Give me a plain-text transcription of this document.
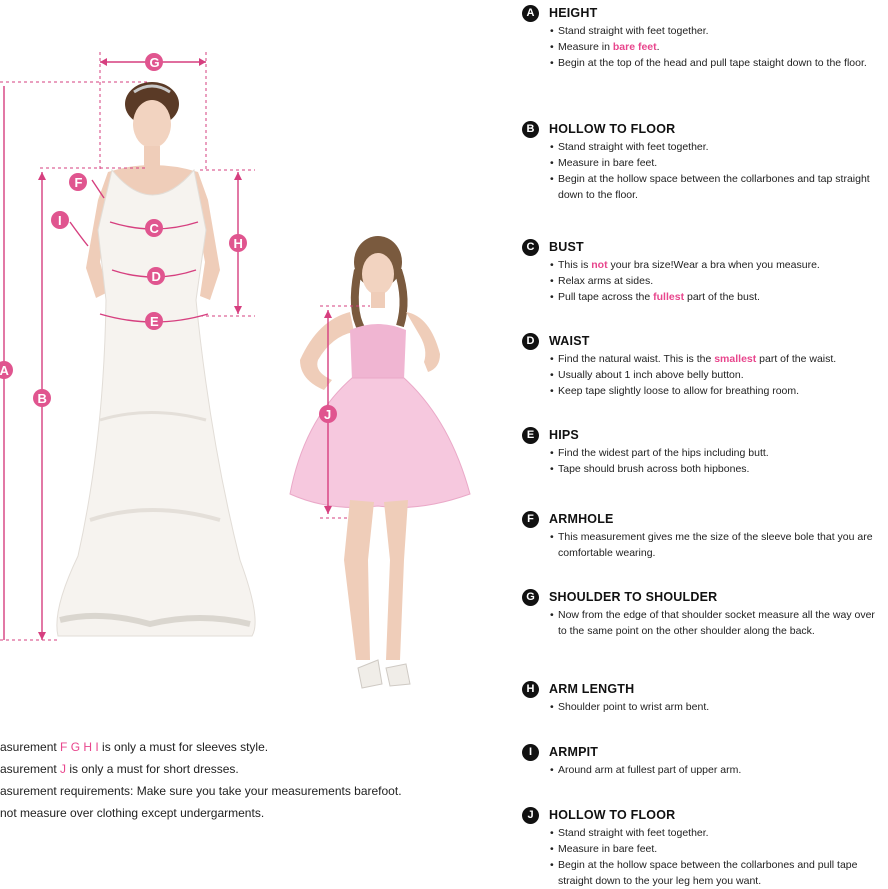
G
A
B
C
D
E
F
H
I
J
asurement F G H I is only a must for sleeves style.
asurement J is only a must for short dresses.
asurement requirements: Make sure you take your measurements barefoot.
not measure over clothing except undergarments.
A	HEIGHT
• Stand straight with feet together.
• Measure in bare feet.
• Begin at the top of the head and pull tape staight down to the floor.
B	HOLLOW TO FLOOR
• Stand straight with feet together.
• Measure in bare feet.
• Begin at the hollow space between the collarbones and tap straight down to the floor.
C	BUST
• This is not your bra size!Wear a bra when you measure.
• Relax arms at sides.
• Pull tape across the fullest part of the bust.
D	WAIST
• Find the natural waist. This is the smallest part of the waist.
• Usually about 1 inch above belly button.
• Keep tape slightly loose to allow for breathing room.
E	HIPS
• Find the widest part of the hips including butt.
• Tape should brush across both hipbones.
F	ARMHOLE
• This measurement gives me the size of the sleeve bole that you are comfortable wearing.
G	SHOULDER TO SHOULDER
• Now from the edge of that shoulder socket measure all the way over to the same point on the other shoulder along the back.
H	ARM LENGTH
• Shoulder point to wrist arm bent.
I	ARMPIT
• Around arm at fullest part of upper arm.
J	HOLLOW TO FLOOR
• Stand straight with feet together.
• Measure in bare feet.
• Begin at the hollow space between the collarbones and pull tape straight down to the your leg hem you want.
